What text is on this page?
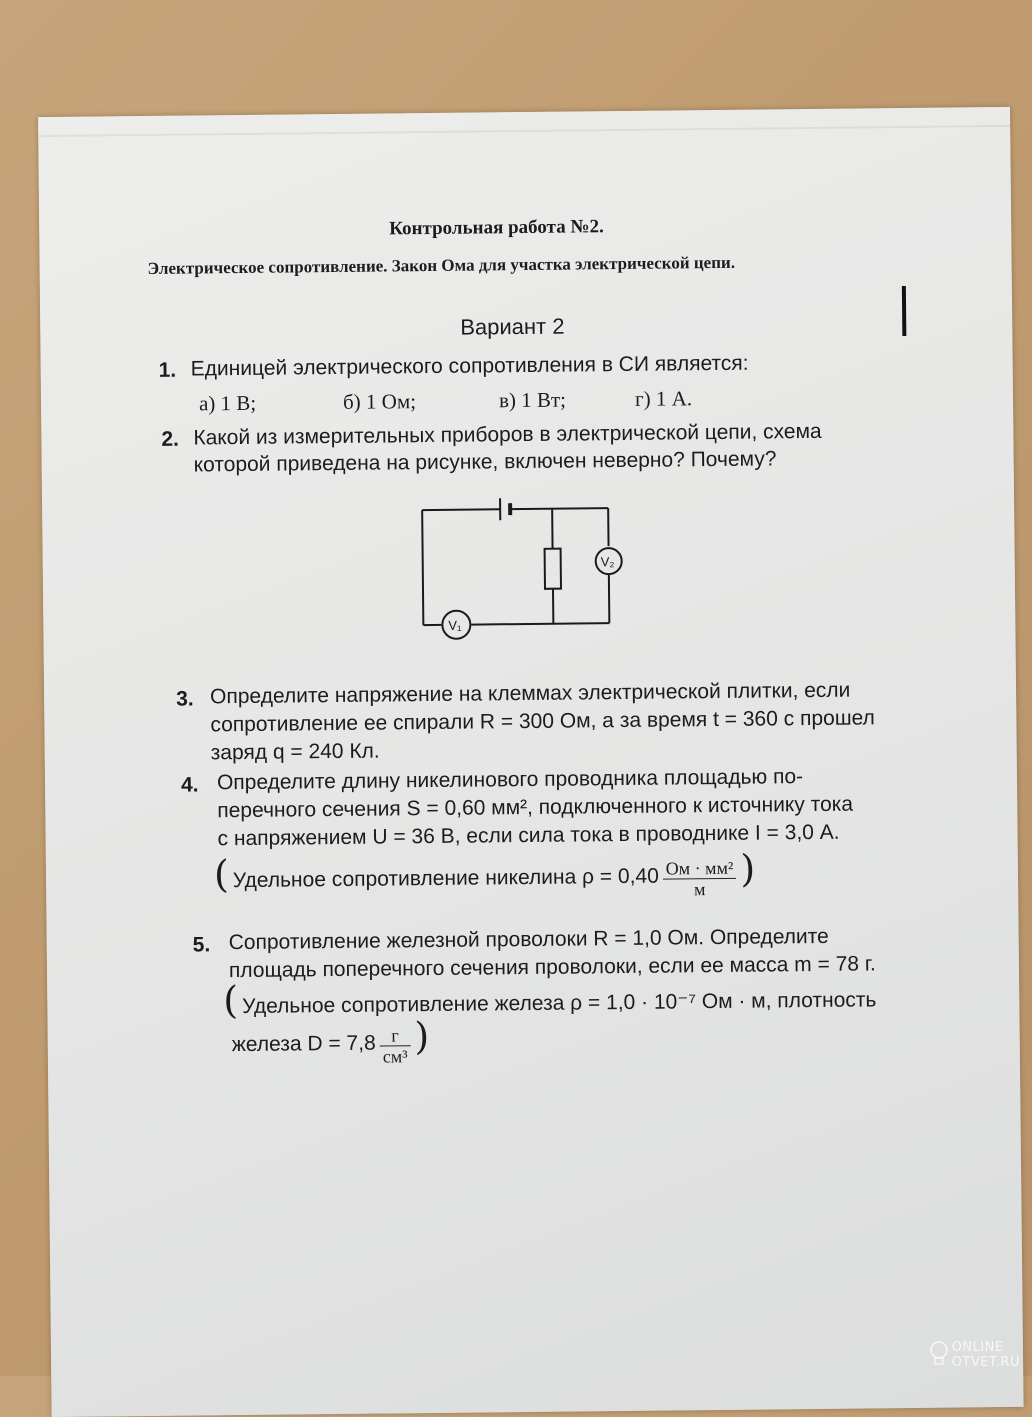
Контрольная работа №2.
Электрическое сопротивление. Закон Ома для участка электрической цепи.
Вариант 2
1. Единицей электрического сопротивления в СИ является:
а) 1 В;	б) 1 Ом;	в) 1 Вт;	г) 1 А.
2. Какой из измерительных приборов в электрической цепи, схема
которой приведена на рисунке, включен неверно? Почему?
V₁
V₂
3. Определите напряжение на клеммах электрической плитки, если
сопротивление ее спирали R = 300 Ом, а за время t = 360 с прошел
заряд q = 240 Кл.
4. Определите длину никелинового проводника площадью по-
перечного сечения S = 0,60 мм², подключенного к источнику тока
с напряжением U = 36 В, если сила тока в проводнике I = 3,0 А.
( Удельное сопротивление никелина $\rho = 0,40 \frac{\text{Ом · мм²}}{м}$ )
5. Сопротивление железной проволоки R = 1,0 Ом. Определите
площадь поперечного сечения проволоки, если ее масса m = 78 г.
( Удельное сопротивление железа ρ = 1,0 · 10⁻⁷ Ом · м, плотность
железа $D = 7,8 \frac{г}{\text{см³}}$ )
ONLINE
OTVET.RU
